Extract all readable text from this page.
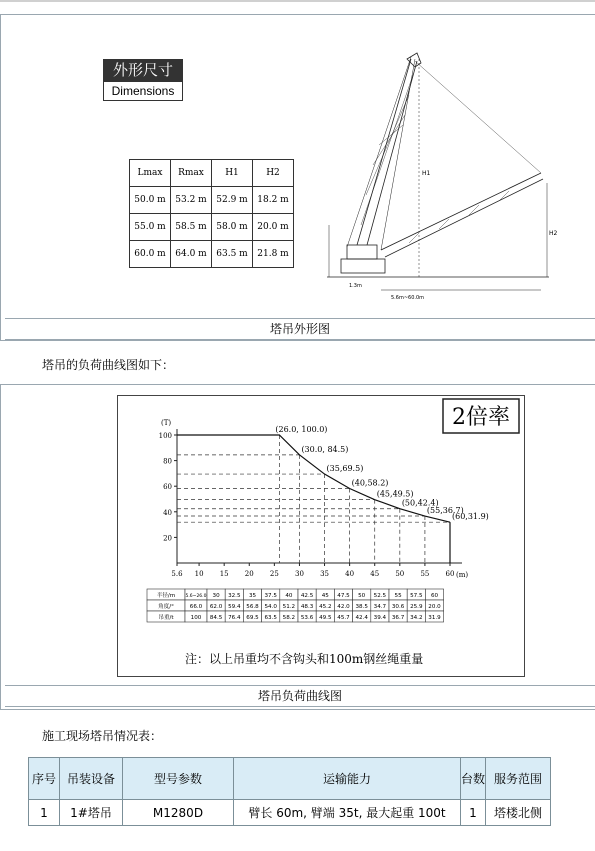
外形尺寸
Dimensions
Lmax	Rmax	H1	H2
50.0 m	53.2 m	52.9 m	18.2 m
55.0 m	58.5 m	58.0 m	20.0 m
60.0 m	64.0 m	63.5 m	21.8 m
H2
H1
1.3m
5.6m~60.0m
塔吊外形图
塔吊的负荷曲线图如下：
2倍率
(T)
(m)
100
80
60
40
20
5.6 10 15 20 25 30 35 40 45 50 55 60
(26.0, 100.0)
(30.0, 84.5)
(35,69.5)
(40,58.2)
(45,49.5)
(50,42.4)
(55,36.7)
(60,31.9)
半径/m 5.6~26.0 30 32.5 35 37.5 40 42.5 45 47.5 50 52.5 55 57.5 60
角度/°	66.0 62.0 59.4 56.8 54.0 51.2 48.3 45.2 42.0 38.5 34.7 30.6 25.9 20.0
吊重/t	100 84.5 76.4 69.5 63.5 58.2 53.6 49.5 45.7 42.4 39.4 36.7 34.2 31.9
注：以上吊重均不含钩头和100m钢丝绳重量
塔吊负荷曲线图
施工现场塔吊情况表：
序号	吊装设备	型号参数	运输能力	台数	服务范围
1	1#塔吊	M1280D	臂长 60m, 臂端 35t, 最大起重 100t	1	塔楼北侧
